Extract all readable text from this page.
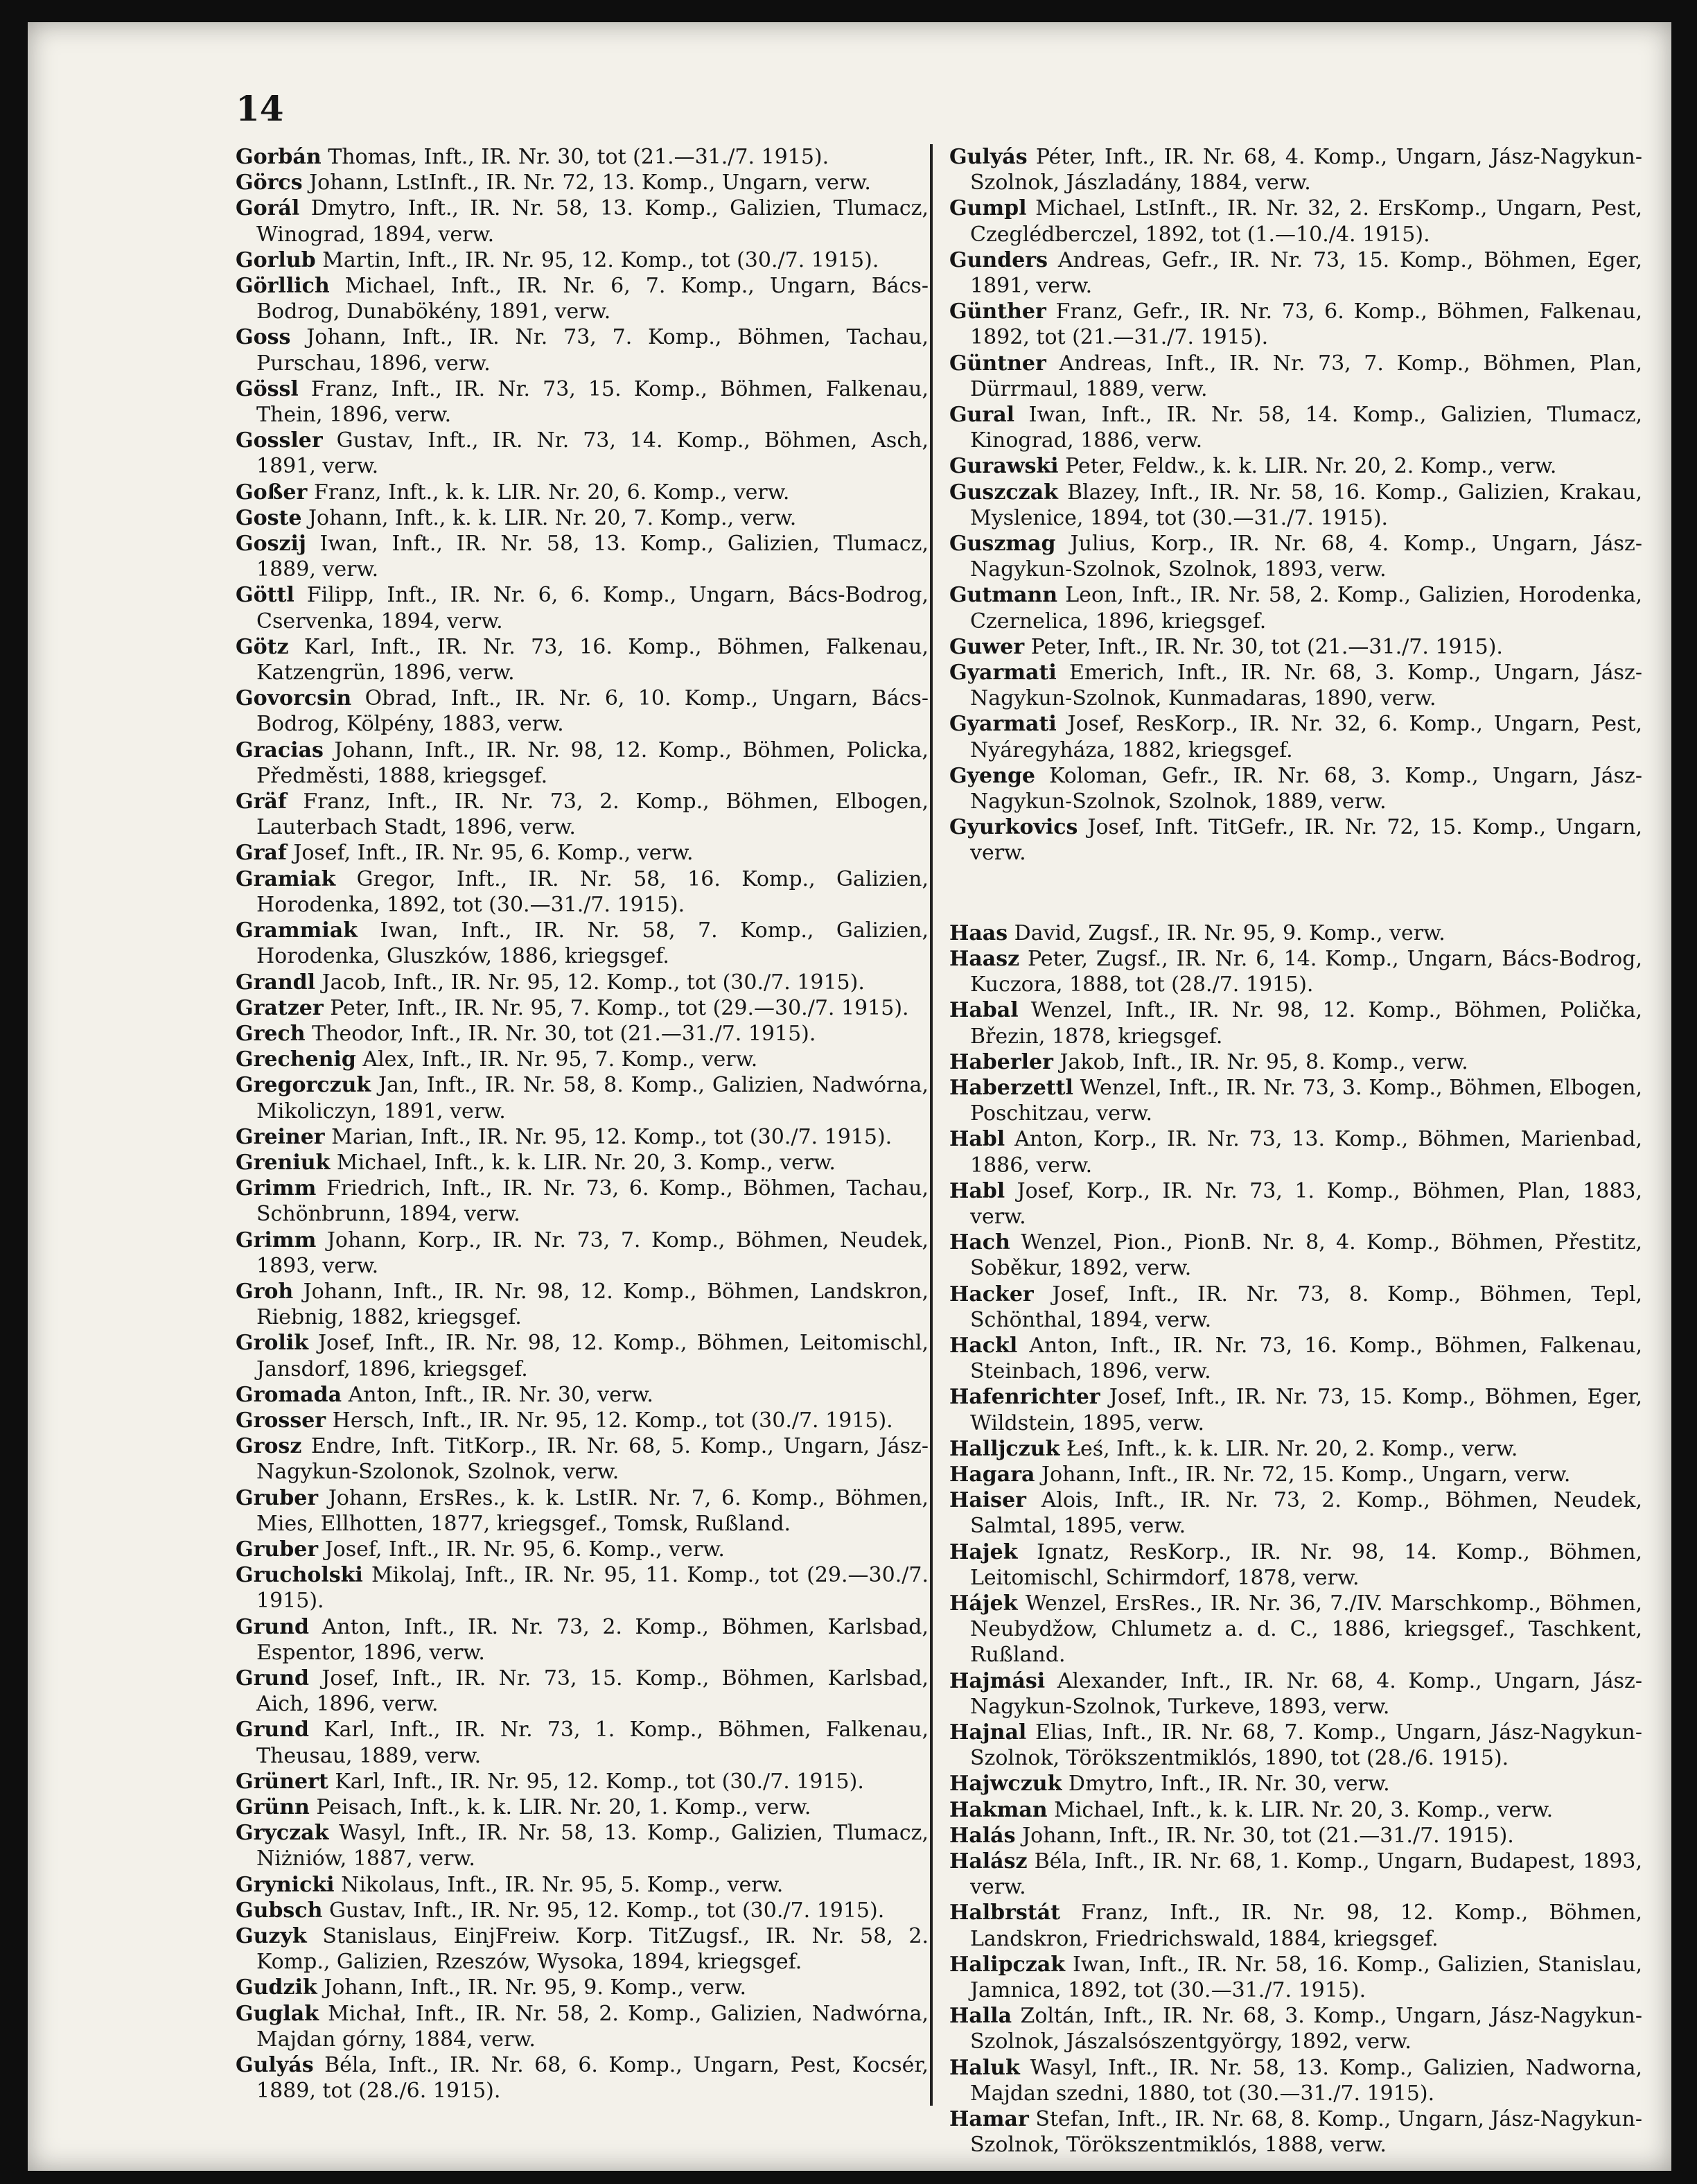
14

Gorbán Thomas, Inft., IR. Nr. 30, tot (21.—31./7. 1915).

Görcs Johann, LstInft., IR. Nr. 72, 13. Komp., Ungarn, verw.

Gorál Dmytro, Inft., IR. Nr. 58, 13. Komp., Galizien, Tlumacz, Winograd, 1894, verw.

Gorlub Martin, Inft., IR. Nr. 95, 12. Komp., tot (30./7. 1915).

Görllich Michael, Inft., IR. Nr. 6, 7. Komp., Ungarn, Bács-Bodrog, Dunabökény, 1891, verw.

Goss Johann, Inft., IR. Nr. 73, 7. Komp., Böhmen, Tachau, Purschau, 1896, verw.

Gössl Franz, Inft., IR. Nr. 73, 15. Komp., Böhmen, Falkenau, Thein, 1896, verw.

Gossler Gustav, Inft., IR. Nr. 73, 14. Komp., Böhmen, Asch, 1891, verw.

Goßer Franz, Inft., k. k. LIR. Nr. 20, 6. Komp., verw.

Goste Johann, Inft., k. k. LIR. Nr. 20, 7. Komp., verw.

Goszij Iwan, Inft., IR. Nr. 58, 13. Komp., Galizien, Tlumacz, 1889, verw.

Göttl Filipp, Inft., IR. Nr. 6, 6. Komp., Ungarn, Bács-Bodrog, Cservenka, 1894, verw.

Götz Karl, Inft., IR. Nr. 73, 16. Komp., Böhmen, Falkenau, Katzengrün, 1896, verw.

Govorcsin Obrad, Inft., IR. Nr. 6, 10. Komp., Ungarn, Bács-Bodrog, Kölpény, 1883, verw.

Gracias Johann, Inft., IR. Nr. 98, 12. Komp., Böhmen, Policka, Předměsti, 1888, kriegsgef.

Gräf Franz, Inft., IR. Nr. 73, 2. Komp., Böhmen, Elbogen, Lauterbach Stadt, 1896, verw.

Graf Josef, Inft., IR. Nr. 95, 6. Komp., verw.

Gramiak Gregor, Inft., IR. Nr. 58, 16. Komp., Galizien, Horodenka, 1892, tot (30.—31./7. 1915).

Grammiak Iwan, Inft., IR. Nr. 58, 7. Komp., Galizien, Horodenka, Gluszków, 1886, kriegsgef.

Grandl Jacob, Inft., IR. Nr. 95, 12. Komp., tot (30./7. 1915).

Gratzer Peter, Inft., IR. Nr. 95, 7. Komp., tot (29.—30./7. 1915).

Grech Theodor, Inft., IR. Nr. 30, tot (21.—31./7. 1915).

Grechenig Alex, Inft., IR. Nr. 95, 7. Komp., verw.

Gregorczuk Jan, Inft., IR. Nr. 58, 8. Komp., Galizien, Nadwórna, Mikoliczyn, 1891, verw.

Greiner Marian, Inft., IR. Nr. 95, 12. Komp., tot (30./7. 1915).

Greniuk Michael, Inft., k. k. LIR. Nr. 20, 3. Komp., verw.

Grimm Friedrich, Inft., IR. Nr. 73, 6. Komp., Böhmen, Tachau, Schönbrunn, 1894, verw.

Grimm Johann, Korp., IR. Nr. 73, 7. Komp., Böhmen, Neudek, 1893, verw.

Groh Johann, Inft., IR. Nr. 98, 12. Komp., Böhmen, Landskron, Riebnig, 1882, kriegsgef.

Grolik Josef, Inft., IR. Nr. 98, 12. Komp., Böhmen, Leitomischl, Jansdorf, 1896, kriegsgef.

Gromada Anton, Inft., IR. Nr. 30, verw.

Grosser Hersch, Inft., IR. Nr. 95, 12. Komp., tot (30./7. 1915).

Grosz Endre, Inft. TitKorp., IR. Nr. 68, 5. Komp., Ungarn, Jász-Nagykun-Szolonok, Szolnok, verw.

Gruber Johann, ErsRes., k. k. LstIR. Nr. 7, 6. Komp., Böhmen, Mies, Ellhotten, 1877, kriegsgef., Tomsk, Rußland.

Gruber Josef, Inft., IR. Nr. 95, 6. Komp., verw.

Grucholski Mikolaj, Inft., IR. Nr. 95, 11. Komp., tot (29.—30./7. 1915).

Grund Anton, Inft., IR. Nr. 73, 2. Komp., Böhmen, Karlsbad, Espentor, 1896, verw.

Grund Josef, Inft., IR. Nr. 73, 15. Komp., Böhmen, Karlsbad, Aich, 1896, verw.

Grund Karl, Inft., IR. Nr. 73, 1. Komp., Böhmen, Falkenau, Theusau, 1889, verw.

Grünert Karl, Inft., IR. Nr. 95, 12. Komp., tot (30./7. 1915).

Grünn Peisach, Inft., k. k. LIR. Nr. 20, 1. Komp., verw.

Gryczak Wasyl, Inft., IR. Nr. 58, 13. Komp., Galizien, Tlumacz, Niżniów, 1887, verw.

Grynicki Nikolaus, Inft., IR. Nr. 95, 5. Komp., verw.

Gubsch Gustav, Inft., IR. Nr. 95, 12. Komp., tot (30./7. 1915).

Guzyk Stanislaus, EinjFreiw. Korp. TitZugsf., IR. Nr. 58, 2. Komp., Galizien, Rzeszów, Wysoka, 1894, kriegsgef.

Gudzik Johann, Inft., IR. Nr. 95, 9. Komp., verw.

Guglak Michał, Inft., IR. Nr. 58, 2. Komp., Galizien, Nadwórna, Majdan górny, 1884, verw.

Gulyás Béla, Inft., IR. Nr. 68, 6. Komp., Ungarn, Pest, Kocsér, 1889, tot (28./6. 1915).

Gulyás Péter, Inft., IR. Nr. 68, 4. Komp., Ungarn, Jász-Nagykun-Szolnok, Jászladány, 1884, verw.

Gumpl Michael, LstInft., IR. Nr. 32, 2. ErsKomp., Ungarn, Pest, Czeglédberczel, 1892, tot (1.—10./4. 1915).

Gunders Andreas, Gefr., IR. Nr. 73, 15. Komp., Böhmen, Eger, 1891, verw.

Günther Franz, Gefr., IR. Nr. 73, 6. Komp., Böhmen, Falkenau, 1892, tot (21.—31./7. 1915).

Güntner Andreas, Inft., IR. Nr. 73, 7. Komp., Böhmen, Plan, Dürrmaul, 1889, verw.

Gural Iwan, Inft., IR. Nr. 58, 14. Komp., Galizien, Tlumacz, Kinograd, 1886, verw.

Gurawski Peter, Feldw., k. k. LIR. Nr. 20, 2. Komp., verw.

Guszczak Blazey, Inft., IR. Nr. 58, 16. Komp., Galizien, Krakau, Myslenice, 1894, tot (30.—31./7. 1915).

Guszmag Julius, Korp., IR. Nr. 68, 4. Komp., Ungarn, Jász-Nagykun-Szolnok, Szolnok, 1893, verw.

Gutmann Leon, Inft., IR. Nr. 58, 2. Komp., Galizien, Horodenka, Czernelica, 1896, kriegsgef.

Guwer Peter, Inft., IR. Nr. 30, tot (21.—31./7. 1915).

Gyarmati Emerich, Inft., IR. Nr. 68, 3. Komp., Ungarn, Jász-Nagykun-Szolnok, Kunmadaras, 1890, verw.

Gyarmati Josef, ResKorp., IR. Nr. 32, 6. Komp., Ungarn, Pest, Nyáregyháza, 1882, kriegsgef.

Gyenge Koloman, Gefr., IR. Nr. 68, 3. Komp., Ungarn, Jász-Nagykun-Szolnok, Szolnok, 1889, verw.

Gyurkovics Josef, Inft. TitGefr., IR. Nr. 72, 15. Komp., Ungarn, verw.

Haas David, Zugsf., IR. Nr. 95, 9. Komp., verw.

Haasz Peter, Zugsf., IR. Nr. 6, 14. Komp., Ungarn, Bács-Bodrog, Kuczora, 1888, tot (28./7. 1915).

Habal Wenzel, Inft., IR. Nr. 98, 12. Komp., Böhmen, Polička, Březin, 1878, kriegsgef.

Haberler Jakob, Inft., IR. Nr. 95, 8. Komp., verw.

Haberzettl Wenzel, Inft., IR. Nr. 73, 3. Komp., Böhmen, Elbogen, Poschitzau, verw.

Habl Anton, Korp., IR. Nr. 73, 13. Komp., Böhmen, Marienbad, 1886, verw.

Habl Josef, Korp., IR. Nr. 73, 1. Komp., Böhmen, Plan, 1883, verw.

Hach Wenzel, Pion., PionB. Nr. 8, 4. Komp., Böhmen, Přestitz, Soběkur, 1892, verw.

Hacker Josef, Inft., IR. Nr. 73, 8. Komp., Böhmen, Tepl, Schönthal, 1894, verw.

Hackl Anton, Inft., IR. Nr. 73, 16. Komp., Böhmen, Falkenau, Steinbach, 1896, verw.

Hafenrichter Josef, Inft., IR. Nr. 73, 15. Komp., Böhmen, Eger, Wildstein, 1895, verw.

Halljczuk Łeś, Inft., k. k. LIR. Nr. 20, 2. Komp., verw.

Hagara Johann, Inft., IR. Nr. 72, 15. Komp., Ungarn, verw.

Haiser Alois, Inft., IR. Nr. 73, 2. Komp., Böhmen, Neudek, Salmtal, 1895, verw.

Hajek Ignatz, ResKorp., IR. Nr. 98, 14. Komp., Böhmen, Leitomischl, Schirmdorf, 1878, verw.

Hájek Wenzel, ErsRes., IR. Nr. 36, 7./IV. Marschkomp., Böhmen, Neubydžow, Chlumetz a. d. C., 1886, kriegsgef., Taschkent, Rußland.

Hajmási Alexander, Inft., IR. Nr. 68, 4. Komp., Ungarn, Jász-Nagykun-Szolnok, Turkeve, 1893, verw.

Hajnal Elias, Inft., IR. Nr. 68, 7. Komp., Ungarn, Jász-Nagykun-Szolnok, Törökszentmiklós, 1890, tot (28./6. 1915).

Hajwczuk Dmytro, Inft., IR. Nr. 30, verw.

Hakman Michael, Inft., k. k. LIR. Nr. 20, 3. Komp., verw.

Halás Johann, Inft., IR. Nr. 30, tot (21.—31./7. 1915).

Halász Béla, Inft., IR. Nr. 68, 1. Komp., Ungarn, Budapest, 1893, verw.

Halbrstát Franz, Inft., IR. Nr. 98, 12. Komp., Böhmen, Landskron, Friedrichswald, 1884, kriegsgef.

Halipczak Iwan, Inft., IR. Nr. 58, 16. Komp., Galizien, Stanislau, Jamnica, 1892, tot (30.—31./7. 1915).

Halla Zoltán, Inft., IR. Nr. 68, 3. Komp., Ungarn, Jász-Nagykun-Szolnok, Jászalsószentgyörgy, 1892, verw.

Haluk Wasyl, Inft., IR. Nr. 58, 13. Komp., Galizien, Nadworna, Majdan szedni, 1880, tot (30.—31./7. 1915).

Hamar Stefan, Inft., IR. Nr. 68, 8. Komp., Ungarn, Jász-Nagykun-Szolnok, Törökszentmiklós, 1888, verw.
